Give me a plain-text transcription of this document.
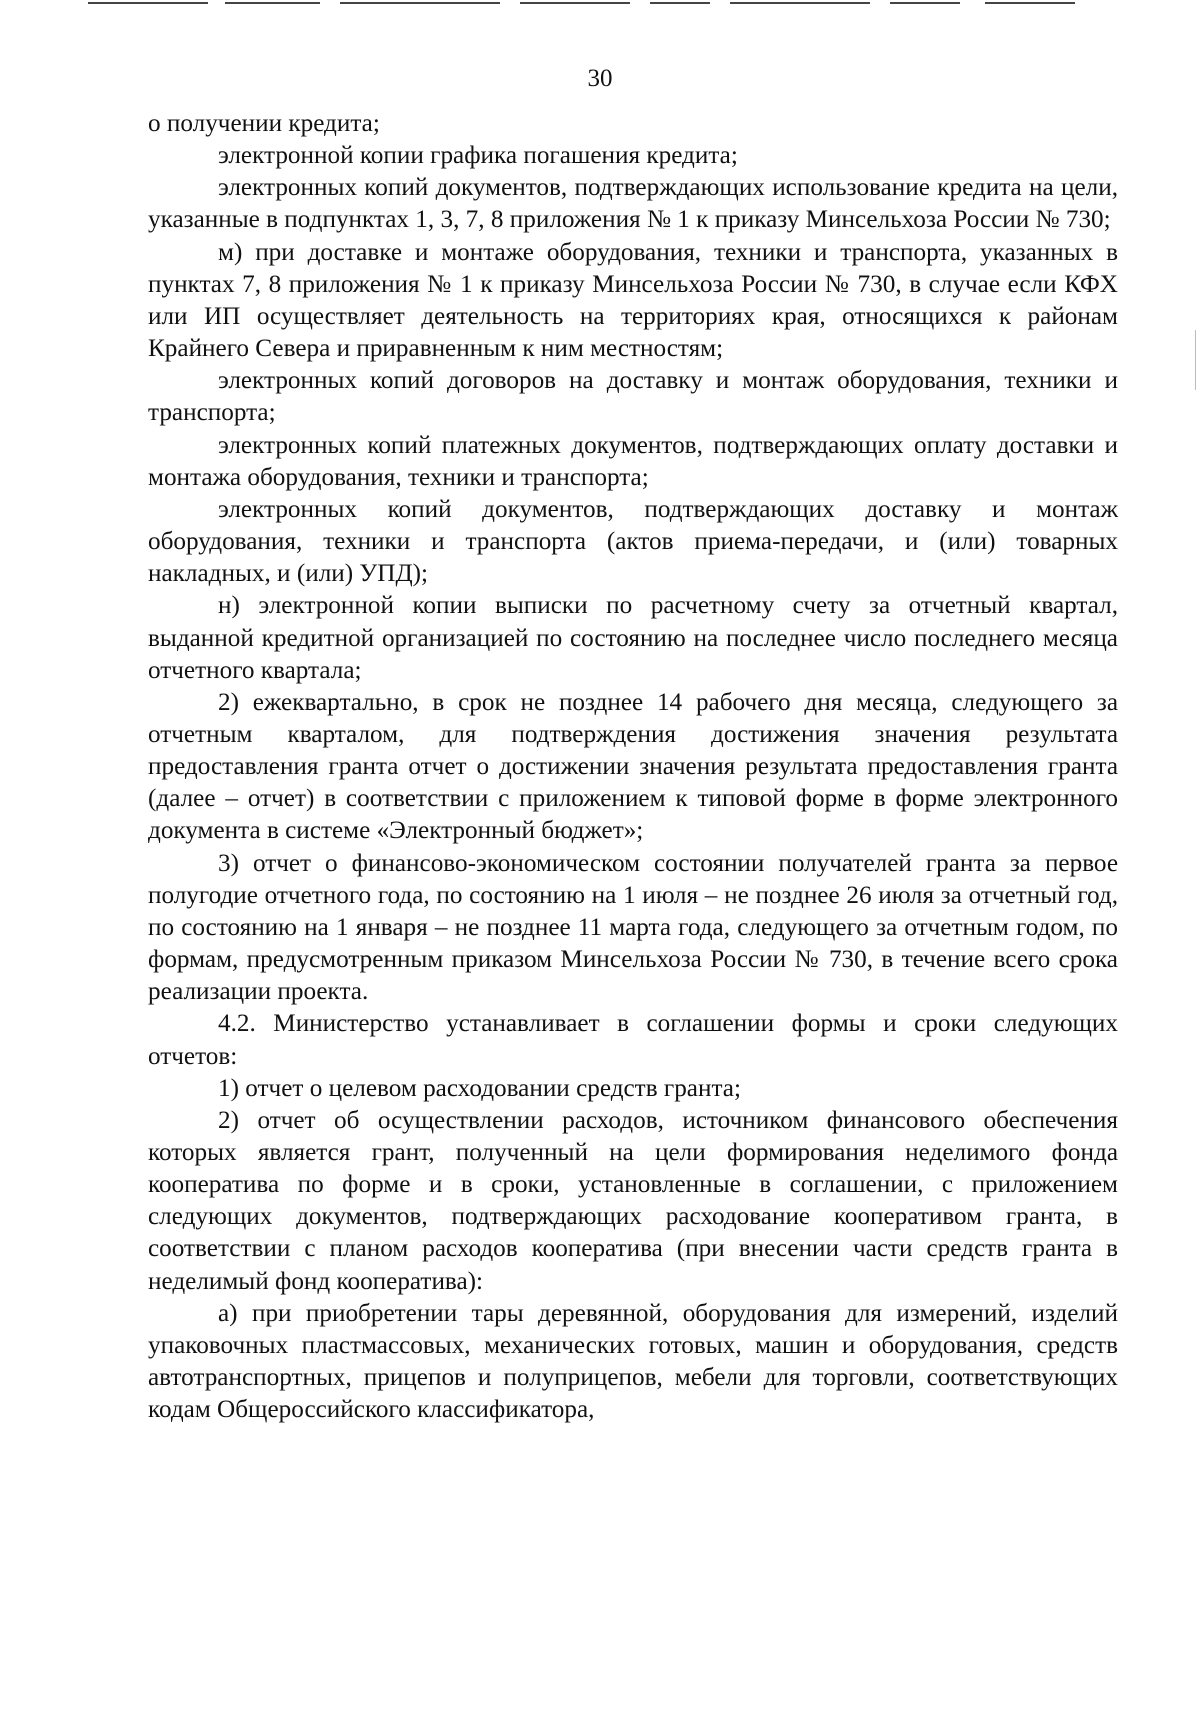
30

о получении кредита;

электронной копии графика погашения кредита;

электронных копий документов, подтверждающих использование кредита на цели, указанные в подпунктах 1, 3, 7, 8 приложения № 1 к приказу Минсельхоза России № 730;

м) при доставке и монтаже оборудования, техники и транспорта, указанных в пунктах 7, 8 приложения № 1 к приказу Минсельхоза России № 730, в случае если КФХ или ИП осуществляет деятельность на территориях края, относящихся к районам Крайнего Севера и приравненным к ним местностям;

электронных копий договоров на доставку и монтаж оборудования, техники и транспорта;

электронных копий платежных документов, подтверждающих оплату доставки и монтажа оборудования, техники и транспорта;

электронных копий документов, подтверждающих доставку и монтаж оборудования, техники и транспорта (актов приема-передачи, и (или) товарных накладных, и (или) УПД);

н) электронной копии выписки по расчетному счету за отчетный квартал, выданной кредитной организацией по состоянию на последнее число последнего месяца отчетного квартала;

2) ежеквартально, в срок не позднее 14 рабочего дня месяца, следующего за отчетным кварталом, для подтверждения достижения значения результата предоставления гранта отчет о достижении значения результата предоставления гранта (далее – отчет) в соответствии с приложением к типовой форме в форме электронного документа в системе «Электронный бюджет»;

3) отчет о финансово-экономическом состоянии получателей гранта за первое полугодие отчетного года, по состоянию на 1 июля – не позднее 26 июля за отчетный год, по состоянию на 1 января – не позднее 11 марта года, следующего за отчетным годом, по формам, предусмотренным приказом Минсельхоза России № 730, в течение всего срока реализации проекта.

4.2. Министерство устанавливает в соглашении формы и сроки следующих отчетов:

1) отчет о целевом расходовании средств гранта;

2) отчет об осуществлении расходов, источником финансового обеспечения которых является грант, полученный на цели формирования неделимого фонда кооператива по форме и в сроки, установленные в соглашении, с приложением следующих документов, подтверждающих расходование кооперативом гранта, в соответствии с планом расходов кооператива (при внесении части средств гранта в неделимый фонд кооператива):

а) при приобретении тары деревянной, оборудования для измерений, изделий упаковочных пластмассовых, механических готовых, машин и оборудования, средств автотранспортных, прицепов и полуприцепов, мебели для торговли, соответствующих кодам Общероссийского классификатора,
